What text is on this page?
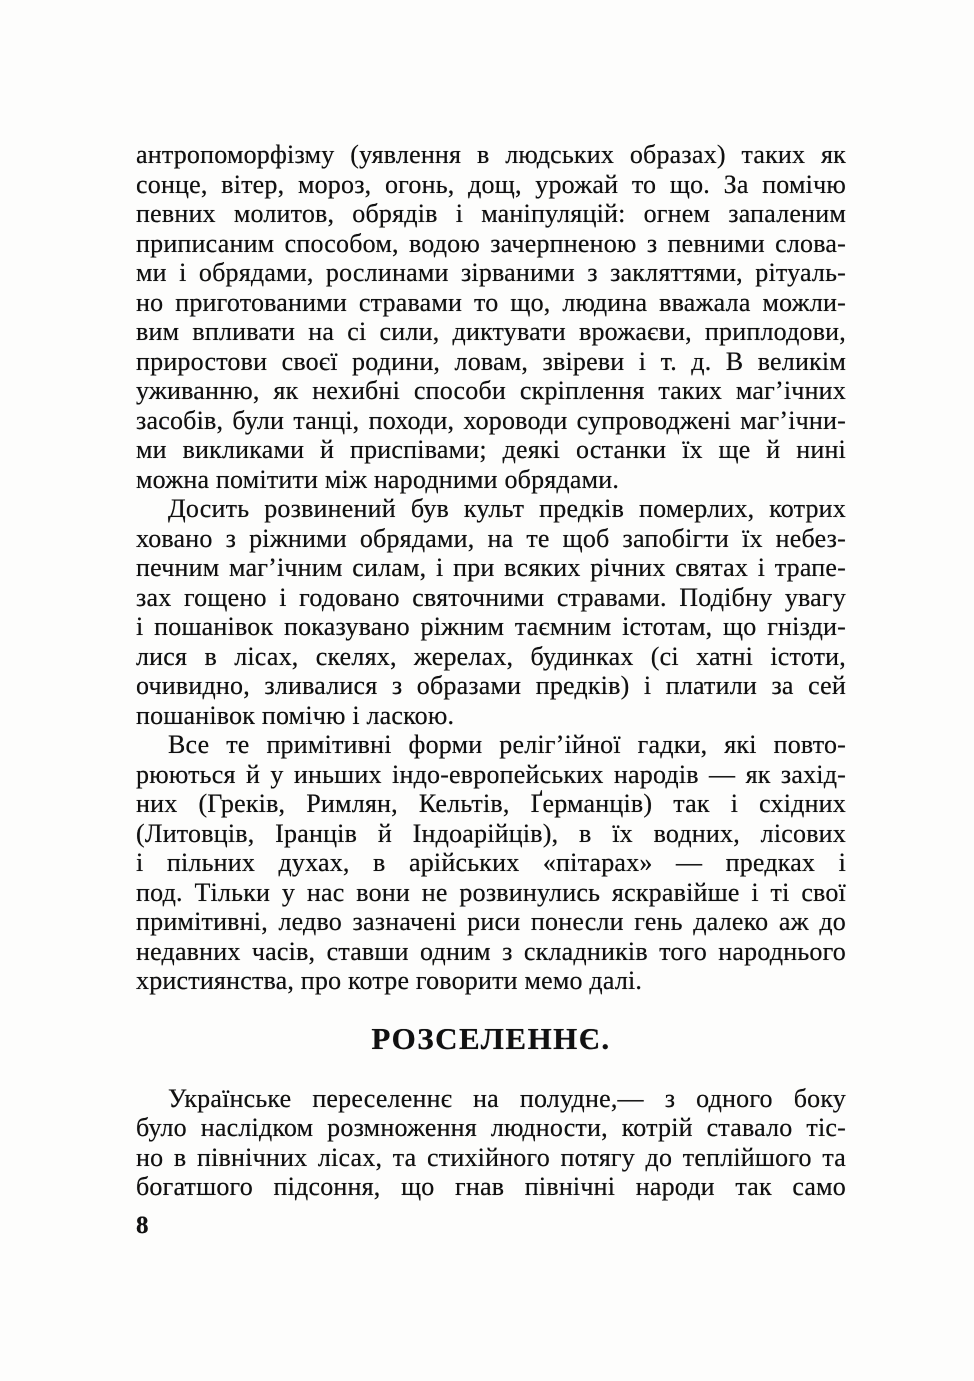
антропоморфізму (уявлення в людських образах) таких як
сонце, вітер, мороз, огонь, дощ, урожай то що. За помічю
певних молитов, обрядів і маніпуляцій: огнем запаленим
приписаним способом, водою зачерпненою з певними слова-
ми і обрядами, рослинами зірваними з закляттями, рітуаль-
но приготованими стравами то що, людина вважала можли-
вим впливати на сі сили, диктувати врожаєви, приплодови,
приростови своєї родини, ловам, звіреви і т. д. В великім
уживанню, як нехибні способи скріплення таких маг’ічних
засобів, були танці, походи, хороводи супроводжені маг’ічни-
ми викликами й приспівами; деякі останки їх ще й нині
можна помітити між народними обрядами.
Досить розвинений був культ предків померлих, котрих
ховано з ріжними обрядами, на те щоб запобігти їх небез-
печним маг’ічним силам, і при всяких річних святах і трапе-
зах гощено і годовано святочними стравами. Подібну увагу
і пошанівок показувано ріжним таємним істотам, що гнізди-
лися в лісах, скелях, жерелах, будинках (сі хатні істоти,
очивидно, зливалися з образами предків) і платили за сей
пошанівок помічю і ласкою.
Все те примітивні форми реліг’ійної гадки, які повто-
рюються й у иньших індо-европейських народів — як захід-
них (Греків, Римлян, Кельтів, Ґерманців) так і східних
(Литовців, Іранців й Індоарійців), в їх водних, лісових
і пільних духах, в арійських «пітарах» — предках і
под. Тільки у нас вони не розвинулись яскравійше і ті свої
примітивні, ледво зазначені риси понесли гень далеко аж до
недавних часів, ставши одним з складників того народнього
християнства, про котре говорити мемо далі.
РОЗСЕЛЕННЄ.
Українське переселеннє на полудне,— з одного боку
було наслідком розмноження людности, котрій ставало тіс-
но в північних лісах, та стихійного потягу до теплійшого та
богатшого підсоння, що гнав північні народи так само
8
